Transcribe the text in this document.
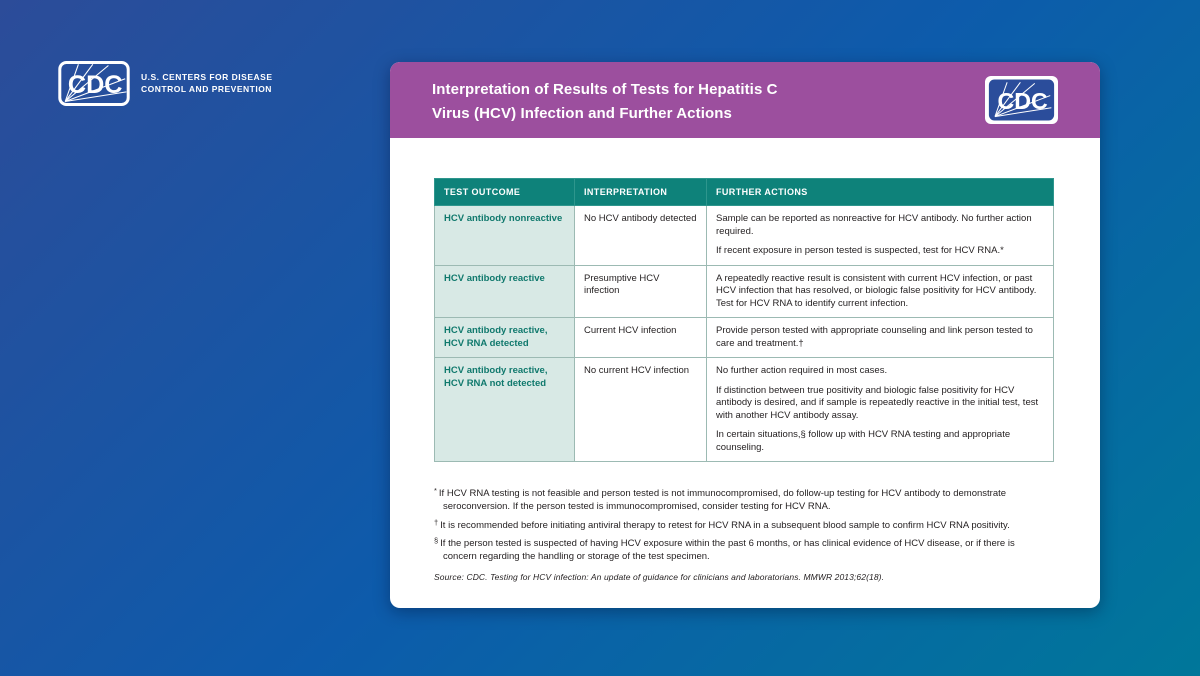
CDC U.S. CENTERS FOR DISEASE
CONTROL AND PREVENTION	Interpretation of Results of Tests for Hepatitis C
Virus (HCV) Infection and Further Actions	CDC
TEST OUTCOME	INTERPRETATION	FURTHER ACTIONS
HCV antibody nonreactive	No HCV antibody detected	Sample can be reported as nonreactive for HCV antibody. No further action required.

If recent exposure in person tested is suspected, test for HCV RNA.*

HCV antibody reactive	Presumptive HCV infection	A repeatedly reactive result is consistent with current HCV infection, or past HCV infection that has resolved, or biologic false positivity for HCV antibody. Test for HCV RNA to identify current infection.

HCV antibody reactive, HCV RNA detected	Current HCV infection	Provide person tested with appropriate counseling and link person tested to care and treatment.†

HCV antibody reactive, HCV RNA not detected	No current HCV infection	No further action required in most cases.

If distinction between true positivity and biologic false positivity for HCV antibody is desired, and if sample is repeatedly reactive in the initial test, test with another HCV antibody assay.

In certain situations,§ follow up with HCV RNA testing and appropriate counseling.

* If HCV RNA testing is not feasible and person tested is not immunocompromised, do follow-up testing for HCV antibody to demonstrate seroconversion. If the person tested is immunocompromised, consider testing for HCV RNA.
† It is recommended before initiating antiviral therapy to retest for HCV RNA in a subsequent blood sample to confirm HCV RNA positivity.
§ If the person tested is suspected of having HCV exposure within the past 6 months, or has clinical evidence of HCV disease, or if there is concern regarding the handling or storage of the test specimen.
Source: CDC. Testing for HCV infection: An update of guidance for clinicians and laboratorians. MMWR 2013;62(18).
